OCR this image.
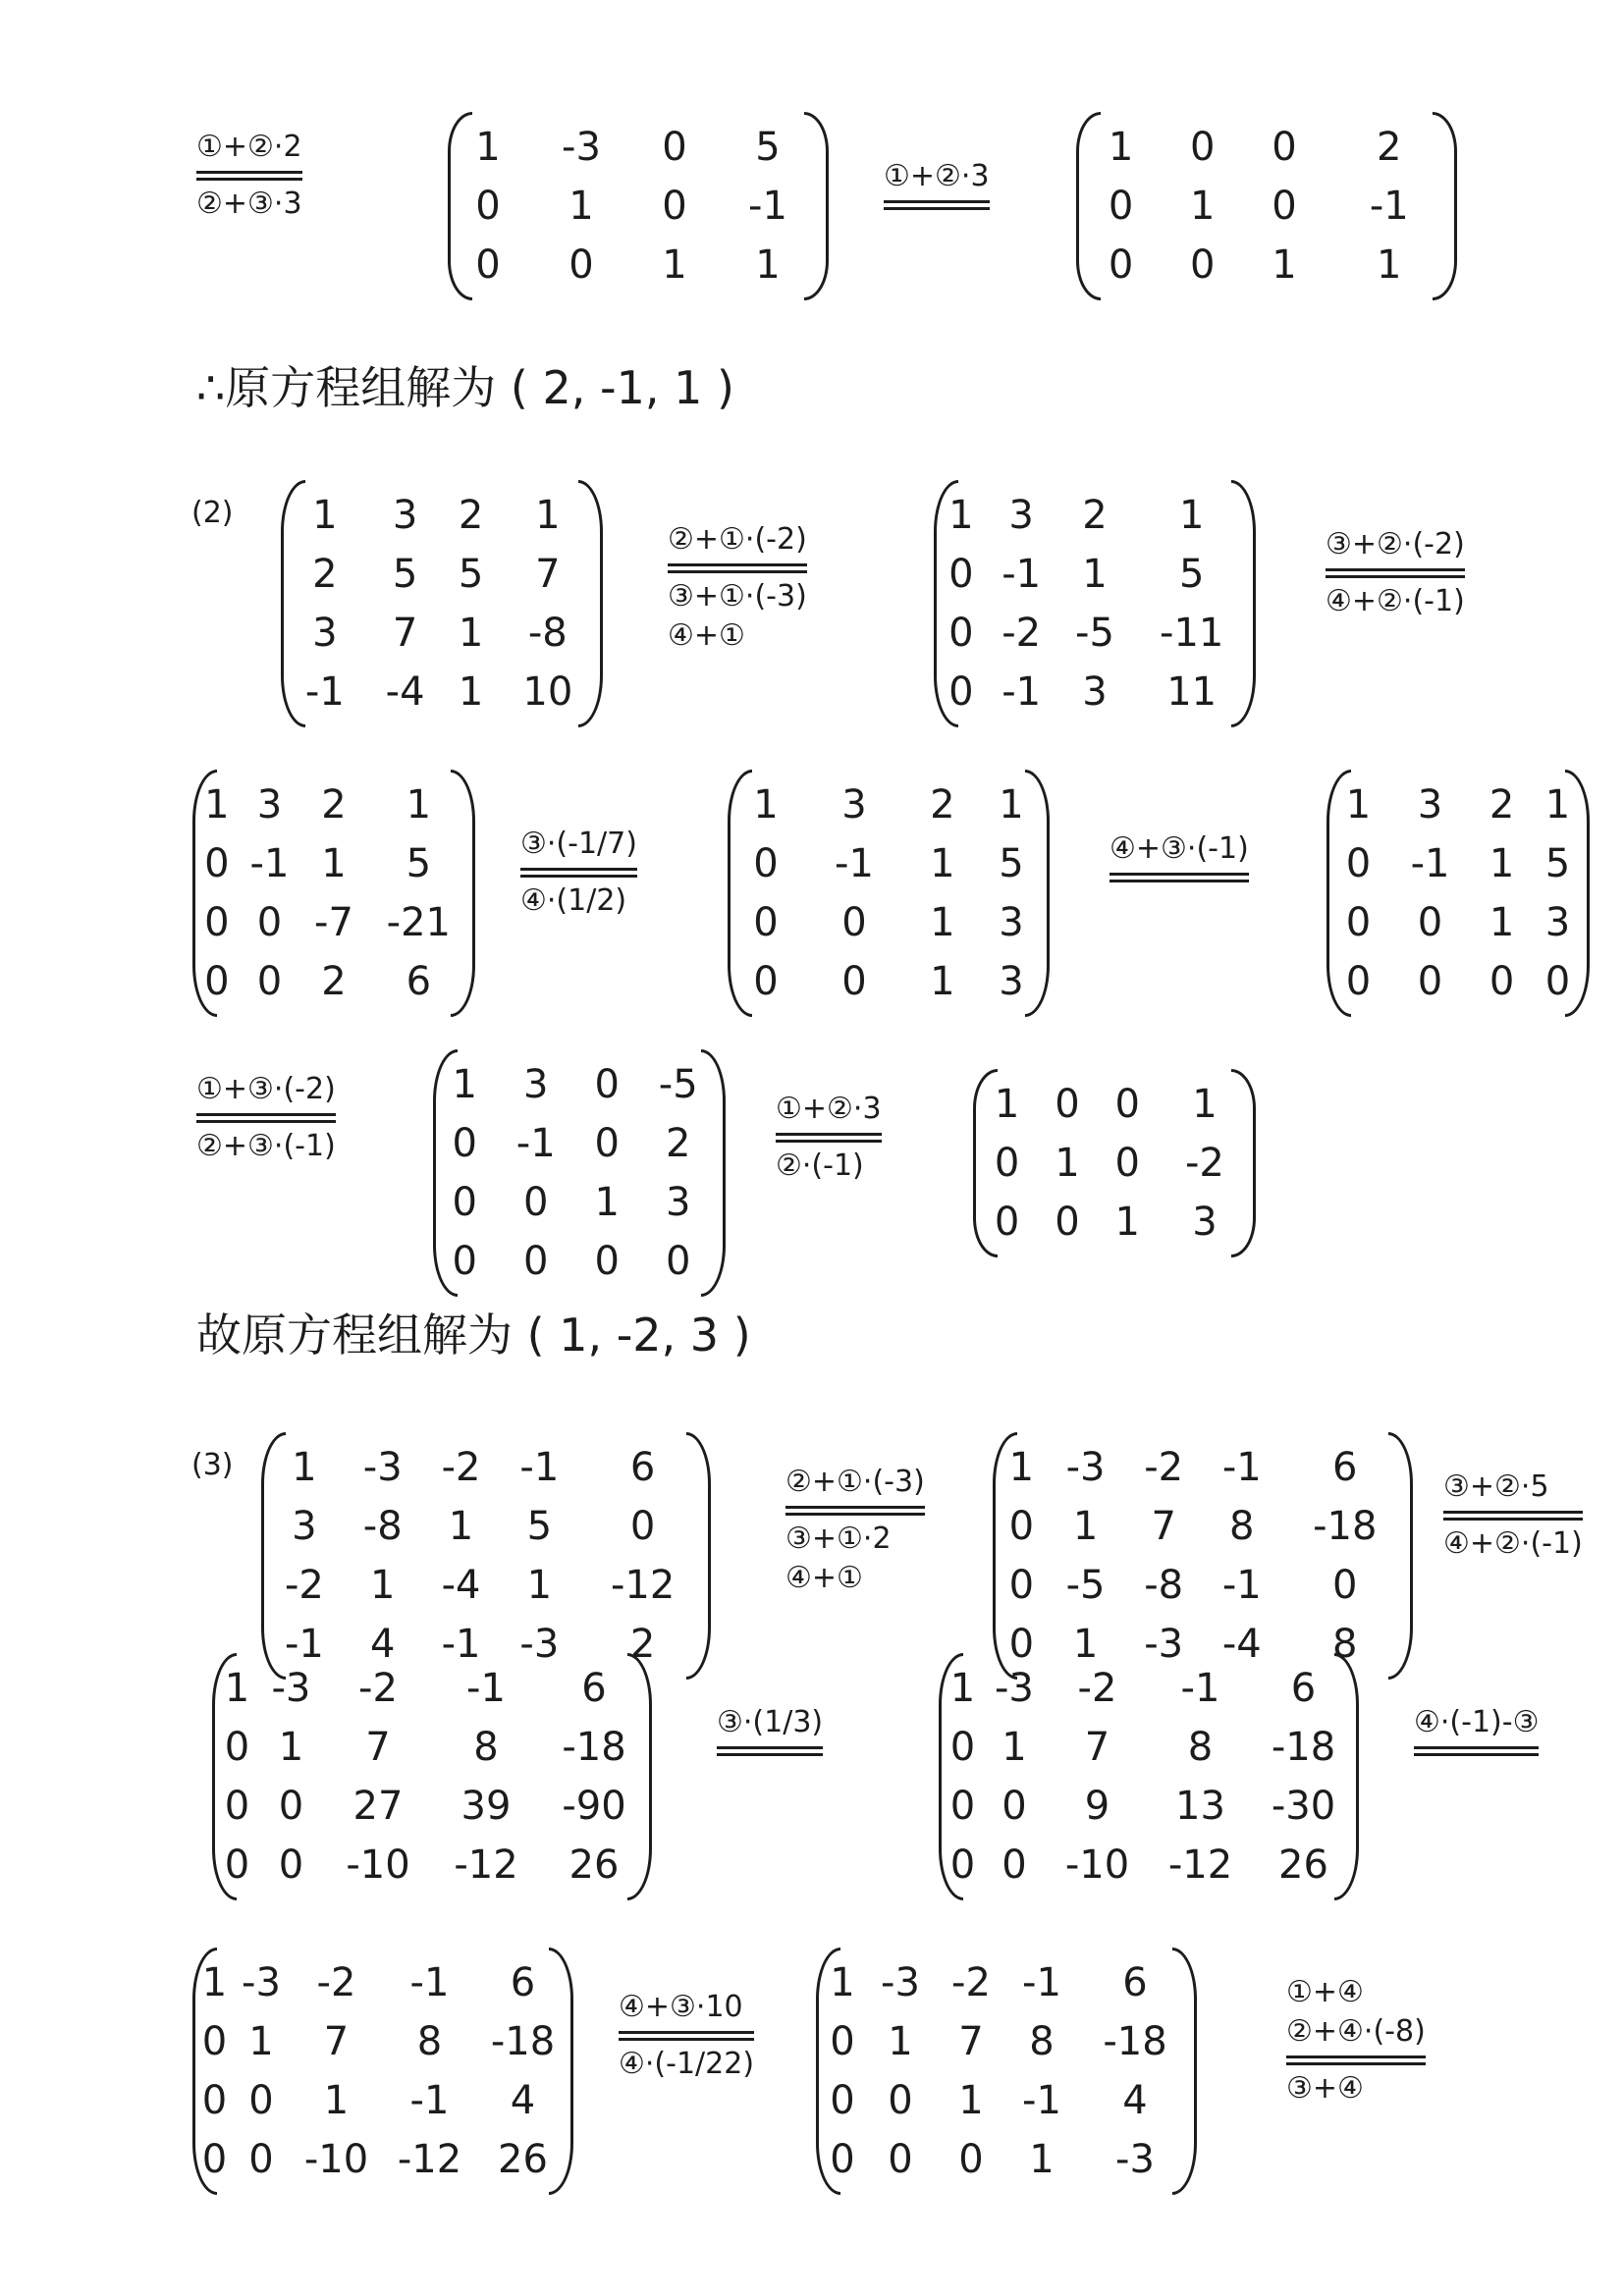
①+②·2
②+③·3
1	-3	0	5
0	1	0	-1
0	0	1	1

①+②·3
1	0	0	2
0	1	0	-1
0	0	1	1

∴原方程组解为 ( 2, -1, 1 )
(2) 1	3	2	1
2	5	5	7
3	7	1	-8
-1	-4	1	10

②+①·(-2)
③+①·(-3)
④+①
1	3	2	1
0	-1	1	5
0	-2	-5	-11
0	-1	3	11

③+②·(-2)
④+②·(-1)
1	3	2	1
0	-1	1	5
0	0	-7	-21
0	0	2	6

③·(-1/7)
④·(1/2)
1	3	2	1
0	-1	1	5
0	0	1	3
0	0	1	3

④+③·(-1)
1	3	2	1
0	-1	1	5
0	0	1	3
0	0	0	0

①+③·(-2)
②+③·(-1)
1	3	0	-5
0	-1	0	2
0	0	1	3
0	0	0	0

①+②·3
②·(-1)
1	0	0	1
0	1	0	-2
0	0	1	3

故原方程组解为 ( 1, -2, 3 )
(3) 1	-3	-2	-1	6
3	-8	1	5	0
-2	1	-4	1	-12
-1	4	-1	-3	2

②+①·(-3)
③+①·2
④+①
1	-3	-2	-1	6
0	1	7	8	-18
0	-5	-8	-1	0
0	1	-3	-4	8

③+②·5
④+②·(-1)
1	-3	-2	-1	6
0	1	7	8	-18
0	0	27	39	-90
0	0	-10	-12	26

③·(1/3)
1	-3	-2	-1	6
0	1	7	8	-18
0	0	9	13	-30
0	0	-10	-12	26

④·(-1)-③
1	-3	-2	-1	6
0	1	7	8	-18
0	0	1	-1	4
0	0	-10	-12	26

④+③·10
④·(-1/22)
1	-3	-2	-1	6
0	1	7	8	-18
0	0	1	-1	4
0	0	0	1	-3

①+④
②+④·(-8)
③+④
